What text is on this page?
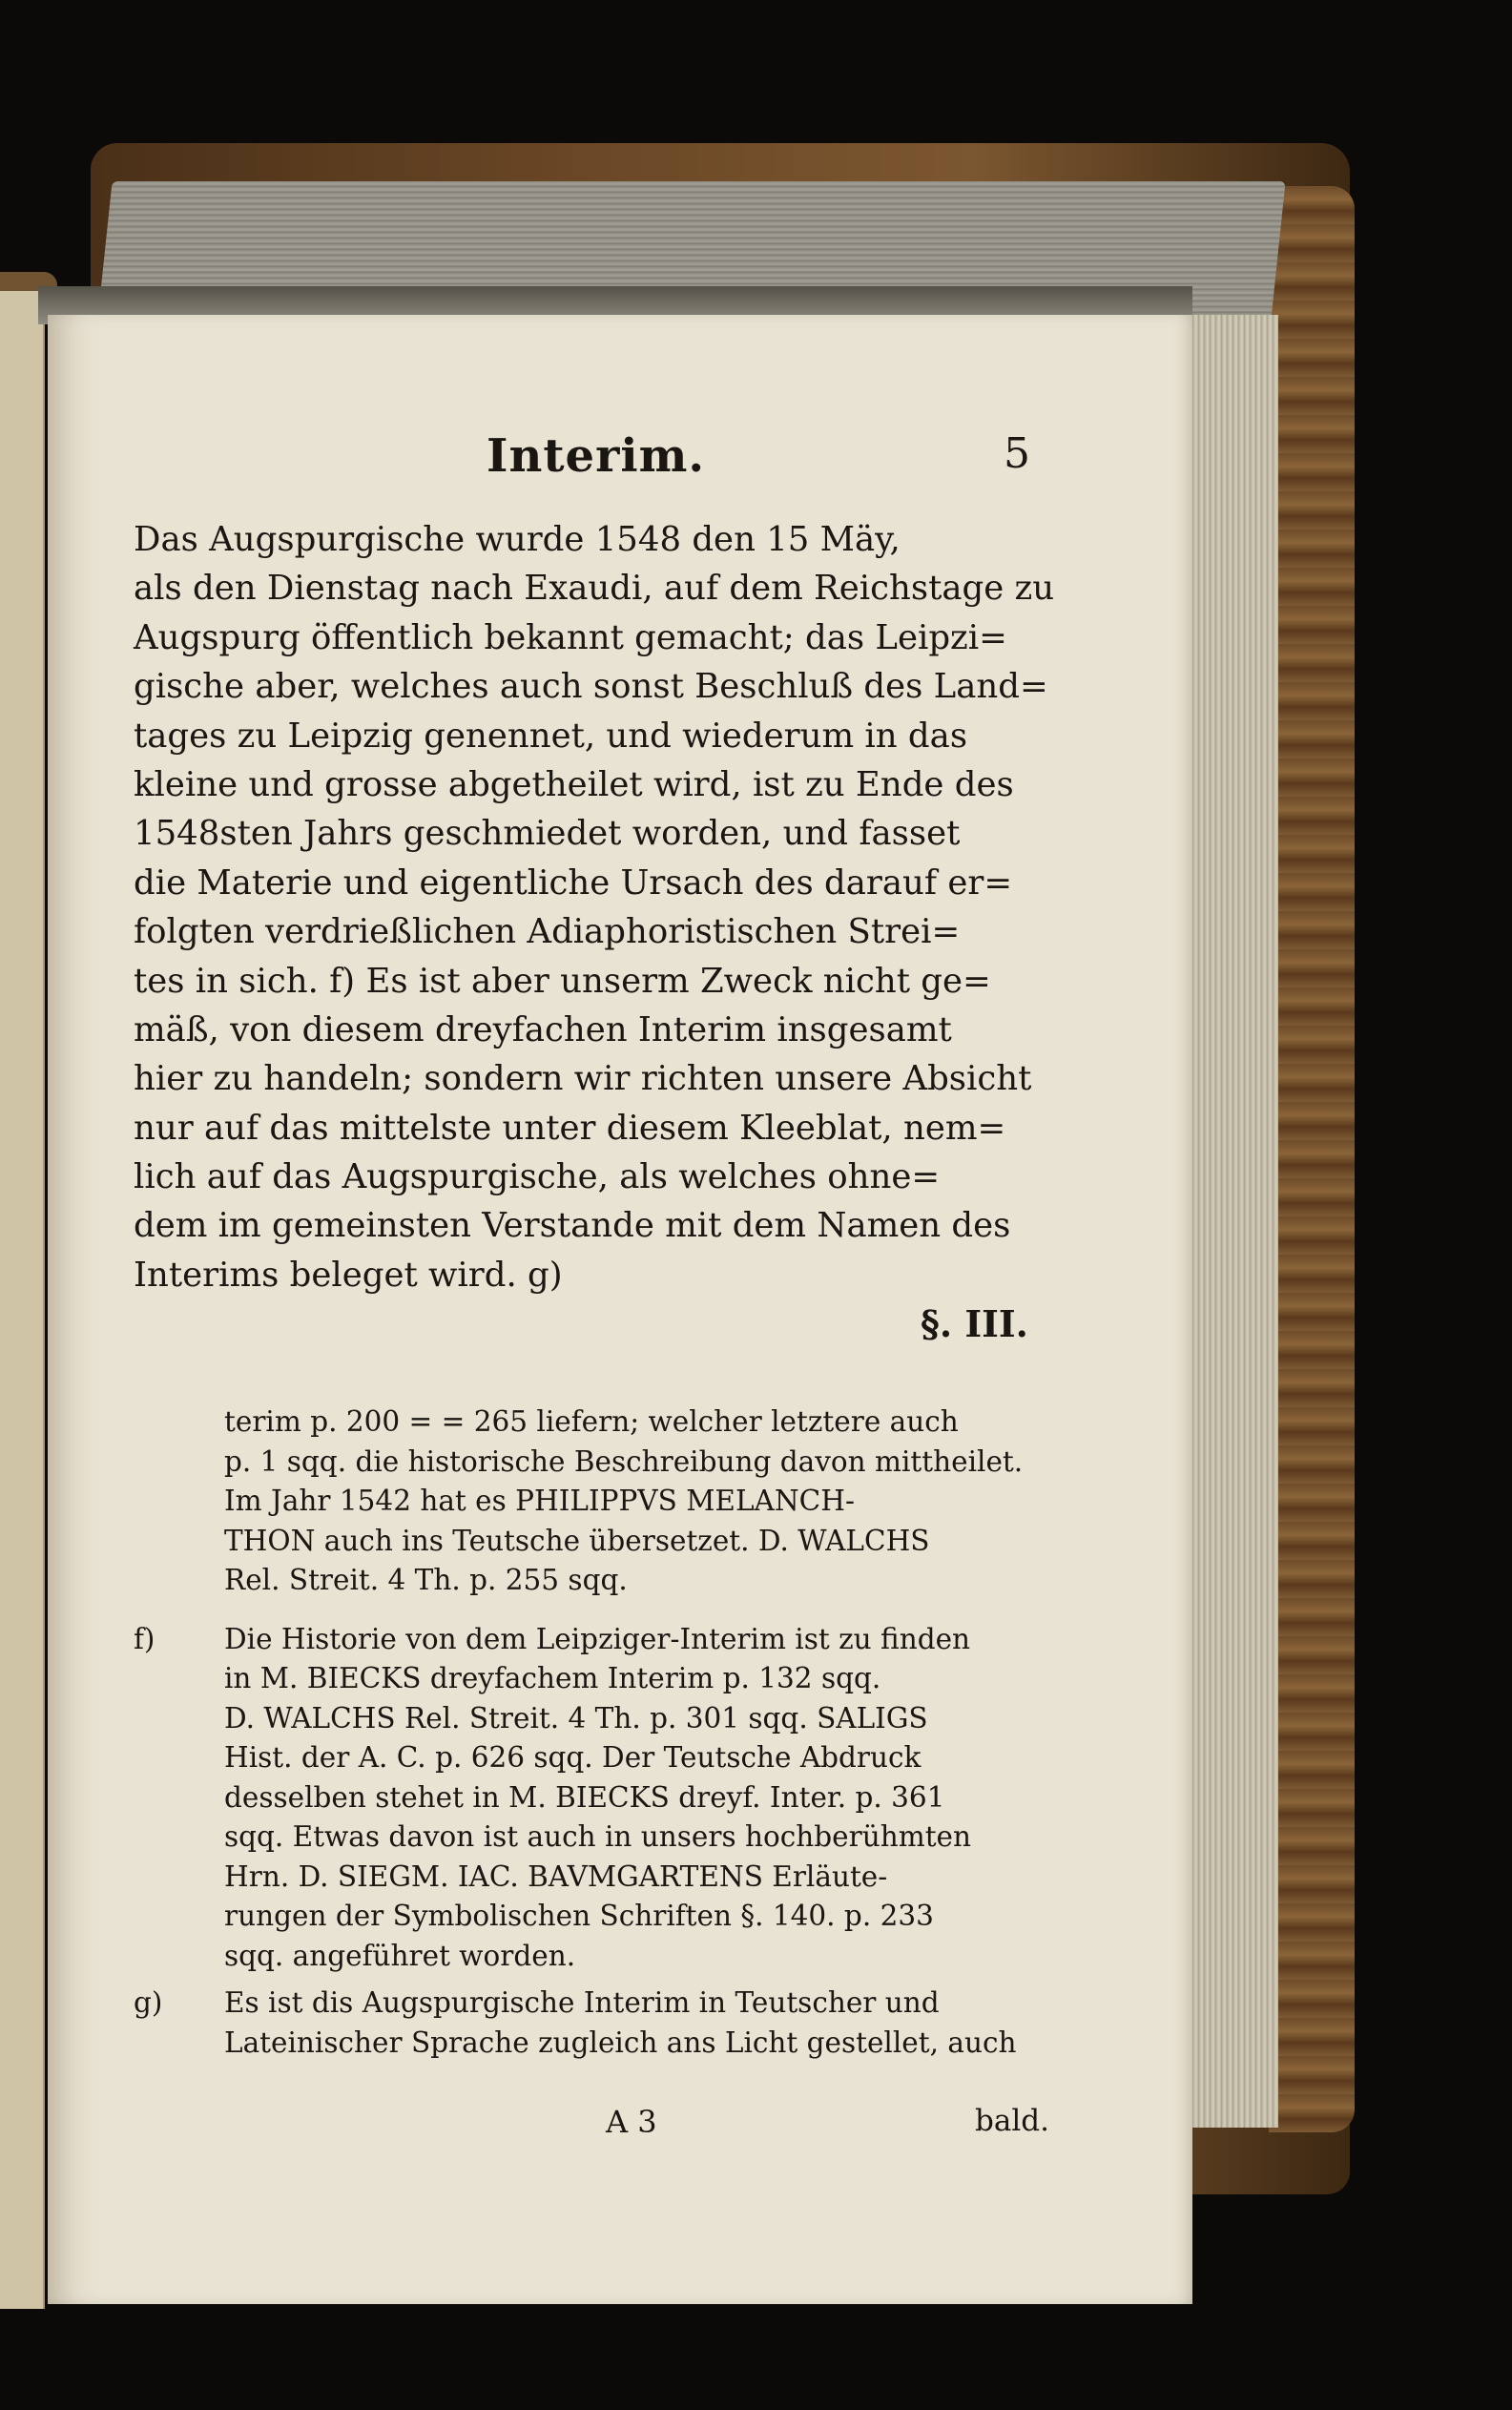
Interim.	5
Das Augspurgische wurde 1548 den 15 Mäy,
als den Dienstag nach Exaudi, auf dem Reichstage zu
Augspurg öffentlich bekannt gemacht; das Leipzi=
gische aber, welches auch sonst Beschluß des Land=
tages zu Leipzig genennet, und wiederum in das
kleine und grosse abgetheilet wird, ist zu Ende des
1548sten Jahrs geschmiedet worden, und fasset
die Materie und eigentliche Ursach des darauf er=
folgten verdrießlichen Adiaphoristischen Strei=
tes in sich. f) Es ist aber unserm Zweck nicht ge=
mäß, von diesem dreyfachen Interim insgesamt
hier zu handeln; sondern wir richten unsere Absicht
nur auf das mittelste unter diesem Kleeblat, nem=
lich auf das Augspurgische, als welches ohne=
dem im gemeinsten Verstande mit dem Namen des
Interims beleget wird. g)
§. III.
terim p. 200 = = 265 liefern; welcher letztere auch
p. 1 sqq. die historische Beschreibung davon mittheilet.
Im Jahr 1542 hat es PHILIPPVS MELANCH-
THON auch ins Teutsche übersetzet. D. WALCHS
Rel. Streit. 4 Th. p. 255 sqq.
f) Die Historie von dem Leipziger-Interim ist zu finden
in M. BIECKS dreyfachem Interim p. 132 sqq.
D. WALCHS Rel. Streit. 4 Th. p. 301 sqq. SALIGS
Hist. der A. C. p. 626 sqq. Der Teutsche Abdruck
desselben stehet in M. BIECKS dreyf. Inter. p. 361
sqq. Etwas davon ist auch in unsers hochberühmten
Hrn. D. SIEGM. IAC. BAVMGARTENS Erläute-
rungen der Symbolischen Schriften §. 140. p. 233
sqq. angeführet worden.
g) Es ist dis Augspurgische Interim in Teutscher und
Lateinischer Sprache zugleich ans Licht gestellet, auch
A 3	bald.
